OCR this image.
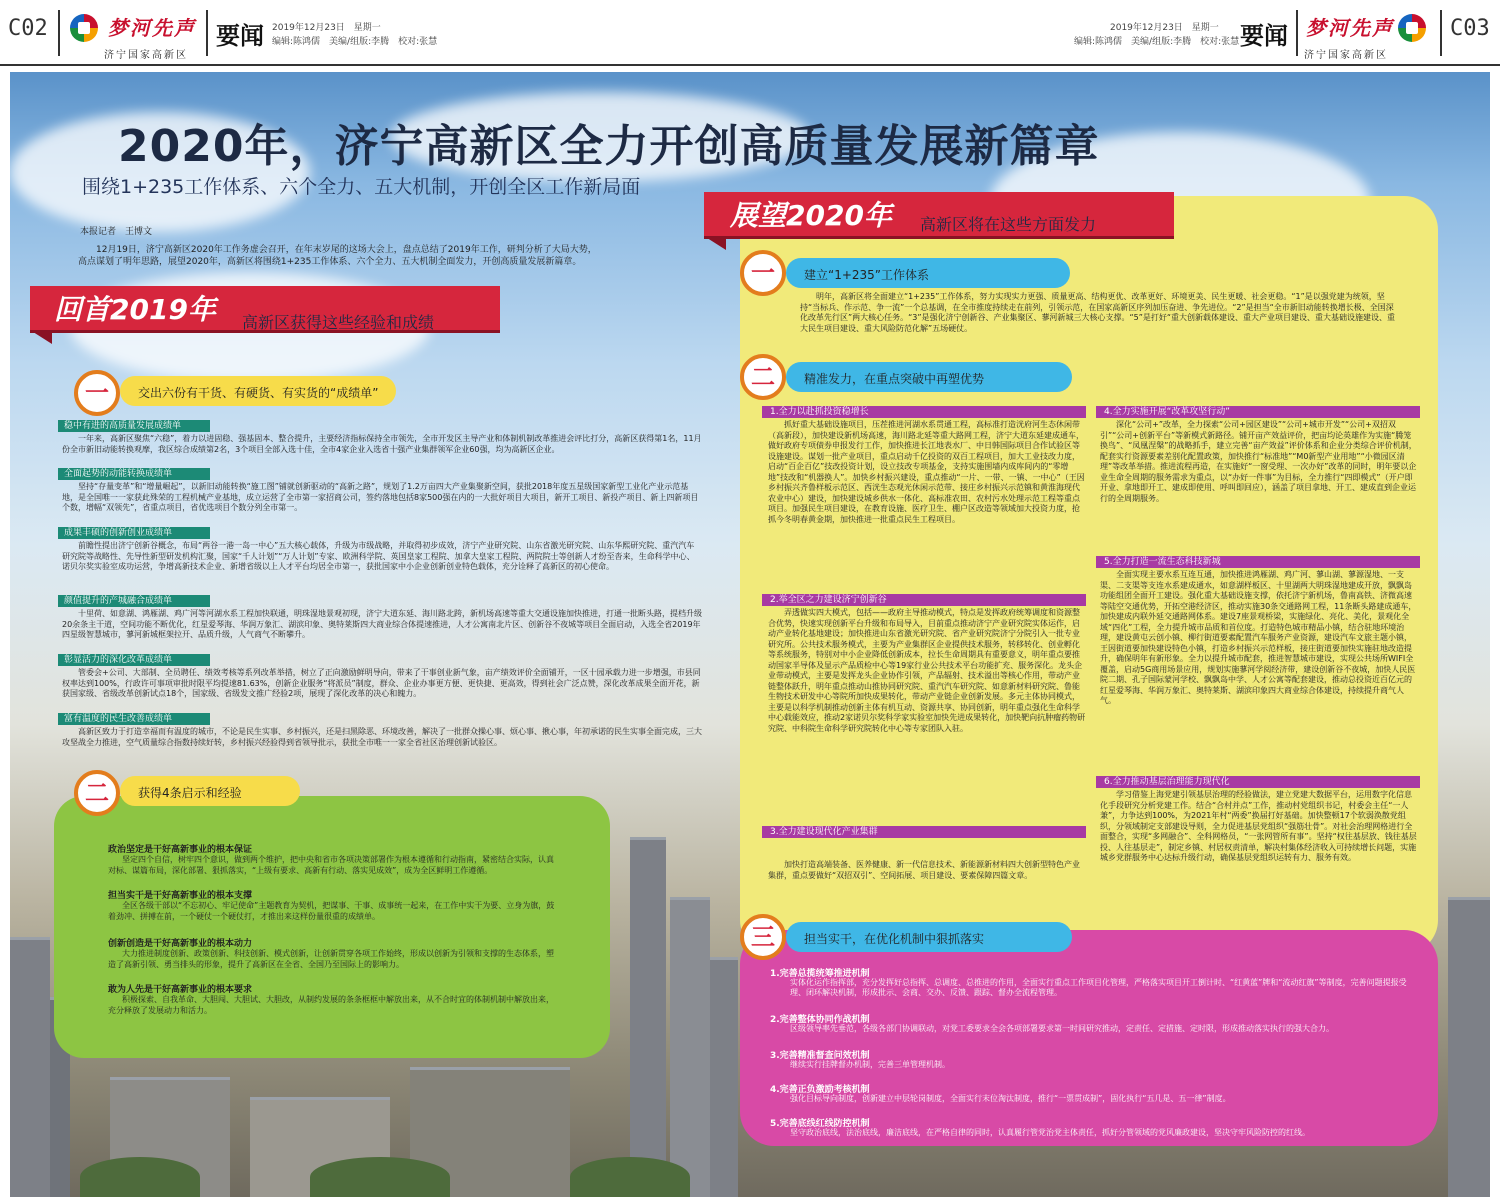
C02	梦河先声
济宁国家高新区
要闻 2019年12月23日　星期一
编辑:陈鸿儒　美编/组版:李腾　校对:张慧
2019年12月23日　星期一
编辑:陈鸿儒　美编/组版:李腾　校对:张慧 要闻 梦河先声
济宁国家高新区
C03
2020年，济宁高新区全力开创高质量发展新篇章
围绕1+235工作体系、六个全力、五大机制，开创全区工作新局面
本报记者　王博文
12月19日，济宁高新区2020年工作务虚会召开，在年末岁尾的这场大会上，盘点总结了2019年工作，研判分析了大局大势，高点谋划了明年思路，展望2020年，高新区将围绕1+235工作体系、六个全力、五大机制全面发力，开创高质量发展新篇章。
回首2019年 高新区获得这些经验和成绩
一	交出六份有干货、有硬货、有实货的“成绩单”
稳中有进的高质量发展成绩单
一年来，高新区聚焦“六稳”，着力以进固稳、强基固本、整合提升，主要经济指标保持全市领先，全市开发区主导产业和体制机制改革推进会评比打分，高新区获得第1名，11月份全市新旧动能转换观摩，我区综合成绩第2名，3个项目全部入选十佳，全市4家企业入选省十强产业集群领军企业60强，均为高新区企业。
全面起势的动能转换成绩单
坚持“存量变革”和“增量崛起”，以新旧动能转换“施工图”铺就创新驱动的“高新之路”，规划了1.2万亩四大产业集聚新空间，获批2018年度五星级国家新型工业化产业示范基地，是全国唯一一家获此殊荣的工程机械产业基地，成立运营了全市第一家招商公司，签约落地包括8家500强在内的一大批好项目大项目，新开工项目、新投产项目、新上四新项目个数，增幅“双领先”，省重点项目，省优选项目个数分列全市第一。
成果丰硕的创新创业成绩单
前瞻性提出济宁创新谷概念，布局“两谷一港一岛一中心”五大核心载体，升级为市级战略，并取得初步成效，济宁产业研究院、山东省激光研究院、山东华熙研究院、重汽汽车研究院等战略性、先导性新型研发机构汇聚，国家“千人计划”“万人计划”专家、欧洲科学院、英国皇家工程院、加拿大皇家工程院、两院院士等创新人才纷至沓来，生命科学中心、诺贝尔奖实验室成功运营，争增高新技术企业、新增省级以上人才平台均居全市第一，获批国家中小企业创新创业特色载体，充分诠释了高新区的初心使命。
颜值提升的产城融合成绩单
十里荷、如意湖、鸿雁湖、鸡广河等河湖水系工程加快联通，明珠湿地景观初现，济宁大道东延、海川路北跨，新机场高速等重大交通设施加快推进，打通一批断头路，提档升级20余条主干道，空间功能不断优化，红星爱琴海、华润万象汇、湖滨印象、奥特莱斯四大商业综合体提速推进，人才公寓南北片区、创新谷不夜城等项目全面启动，入选全省2019年四星级智慧城市，蓼河新城框架拉开、品质升级，人气商气不断攀升。
彰显活力的深化改革成绩单
管委会+公司、大部制、全员聘任、绩效考核等系列改革举措，树立了正向激励鲜明导向，带来了干事创业新气象，亩产绩效评价全面铺开，一区十园承载力进一步增强，市县同权率达到100%，行政许可事项审批时限平均提速81.63%，创新企业服务“将派员”制度，群众、企业办事更方便、更快捷、更高效，得到社会广泛点赞，深化改革成果全面开花，新获国家级、省级改革创新试点18个，国家级、省级发文推广经验2项，展现了深化改革的决心和魄力。
富有温度的民生改善成绩单
高新区致力于打造幸福而有温度的城市，不论是民生实事、乡村振兴，还是扫黑除恶、环境改善，解决了一批群众操心事、烦心事、揪心事，年初承诺的民生实事全面完成，三大攻坚战全力推进，空气质量综合指数持续好转，乡村振兴经验得到省领导批示，获批全市唯一一家全省社区治理创新试验区。
二	获得4条启示和经验
政治坚定是干好高新事业的根本保证
坚定四个自信，树牢四个意识，做到两个维护，把中央和省市各项决策部署作为根本遵循和行动指南，紧密结合实际，认真对标、谋篇布局，深化部署、狠抓落实，“上级有要求、高新有行动、落实见成效”，成为全区鲜明工作遵循。
担当实干是干好高新事业的根本支撑
全区各级干部以“不忘初心、牢记使命”主题教育为契机，把谋事、干事、成事统一起来，在工作中实干为要、立身为旗，鼓着劲冲、拼搏在前，一个硬仗一个硬仗打，才推出来这样份量很重的成绩单。
创新创造是干好高新事业的根本动力
大力推进制度创新、政策创新、科技创新、模式创新，让创新贯穿各项工作始终，形成以创新为引领和支撑的生态体系，塑造了高新引领、勇当排头的形象，提升了高新区在全省、全国乃至国际上的影响力。
敢为人先是干好高新事业的根本要求
积极探索、自我革命、大胆闯、大胆试、大胆改，从制约发展的条条框框中解放出来，从不合时宜的体制机制中解放出来，充分释放了发展动力和活力。
展望2020年 高新区将在这些方面发力
一	建立“1+235”工作体系
明年，高新区将全面建立“1+235”工作体系，努力实现实力更强、质量更高、结构更优、改革更好、环境更美、民生更暖、社会更稳。“1”是以强党建为统领，坚持“当标兵、作示范、争一流”一个总基调，在全市推度持续走在前列，引领示范，在国家高新区序列加压奋进、争先进位。“2”是担当“全市新旧动能转换增长极、全国深化改革先行区”两大核心任务。“3”是强化济宁创新谷、产业集聚区、蓼河新城三大核心支撑。“5”是打好“重大创新载体建设、重大产业项目建设、重大基础设施建设、重大民生项目建设、重大风险防范化解”五场硬仗。
二	精准发力，在重点突破中再塑优势
1.全力以赴抓投资稳增长
抓好重大基础设施项目，压茬推进河湖水系贯通工程，高标准打造洸府河生态休闲带（高新段），加快建设新机场高速，海川路北延等重大路网工程，济宁大道东延建成通车，做好政府专项债券申报发行工作，加快推进长江地表水厂、中日韩国际项目合作试验区等设施建设。谋划一批产业项目，重点启动千亿投资的双百工程项目，加大工业技改力度，启动“百企百亿”技改投资计划，设立技改专项基金，支持实施围墙内成库间内的“零增地”技改和“机器换人”。加快乡村振兴建设，重点推动“一片、一带、一镇、一中心”（王因乡村振兴齐鲁样板示范区、西洸生态观光休闲示范带、接庄乡村振兴示范镇和黄淮海现代农业中心）建设，加快建设城乡供水一体化、高标准农田、农村污水处理示范工程等重点项目。加强民生项目建设，在教育设施、医疗卫生、棚户区改造等领域加大投资力度，抢抓今冬明春黄金期，加快推进一批重点民生工程项目。
2.举全区之力建设济宁创新谷
弄透做实四大模式，包括——政府主导推动模式，特点是发挥政府统筹调度和资源整合优势，快速实现创新平台升级和布局导入，目前重点推动济宁产业研究院实体运作，启动产业转化基地建设；加快推进山东省激光研究院、省产业研究院济宁分院引入一批专业研究所。公共技术服务模式，主要为产业集群区企业提供技术服务，转移转化、创业孵化等系统服务，特别对中小企业降低创新成本，拉长生命周期具有重要意义，明年重点要推动国家半导体及显示产品质检中心等19家行业公共技术平台功能扩充、服务深化。龙头企业带动模式，主要是发挥龙头企业协作引领，产品辐射、技术溢出等核心作用，带动产业链整体跃升，明年重点推动山推协同研究院、重汽汽车研究院、如意新材料研究院、鲁能生物技术研发中心等院所加快成果转化，带动产业链企业创新发展。多元主体协同模式，主要是以科学机制推动创新主体有机互动、资源共享、协同创新，明年重点强化生命科学中心载能效应，推动2家诺贝尔奖科学家实验室加快先进成果转化，加快靶向抗肿瘤药物研究院、中科院生命科学研究院转化中心等专家团队入驻。
3.全力建设现代化产业集群
加快打造高端装备、医养健康、新一代信息技术、新能源新材料四大创新型特色产业集群，重点要做好“双招双引”、空间拓展、项目建设、要素保障四篇文章。
4.全力实施开展“改革攻坚行动”
深化“公司+”改革，全力探索“公司+园区建设”“公司+城市开发”“公司+双招双引”“公司+创新平台”等新模式新路径。铺开亩产效益评价，把亩均论英雄作为实施“腾笼换鸟”、“凤凰涅槃”的战略抓手，建立完善“亩产效益”评价体系和企业分类综合评价机制，配套实行资源要素差别化配置政策，加快推行“标准地”“M0新型产业用地”“小微园区清理”等改革举措。推进流程再造，在实施好“一窗受理、一次办好”改革的同时，明年要以企业生命全周期的服务需求为重点，以“办好一件事”为目标，全力推行“四即模式”（开户即开业、拿地即开工、建成即使用、呼叫即回应），涵盖了项目拿地、开工、建成直到企业运行的全周期服务。
5.全力打造一流生态科技新城
全面实现主要水系互连互通，加快推进鸿雁湖、鸡广河、蓼山湖、蓼源湿地、一支渠、二支渠等支连水系建成通水，如意湖样板区、十里湖两大明珠湿地建成开放，飘飘岛功能组团全面开工建设。强化重大基础设施支撑，依托济宁新机场，鲁南高铁、济微高速等陆空交通优势，开拓空港经济区，推动实施30条交通路网工程，11条断头路建成通车，加快建成内联外延交通路网体系。建设7座景观桥梁，实施绿化、亮化、美化，景观化全域“四化”工程，全力提升城市品质和首位度。打造特色城市精品小镇，结合驻地环境治理，建设黄屯云创小镇、柳行街道要素配置汽车服务产业资源，建设汽车文旅主题小镇，王因街道要加快建设特色小镇，打造乡村振兴示范样板，接庄街道要加快实施驻地改造提升，确保明年有新形象。全力以提升城市配套，推进智慧城市建设，实现公共场所WIFI全覆盖，启动5G商用场景应用，规划实施蓼河学阅经济带，建设创新谷不夜城，加快人民医院二期、孔子国际蒙河学校、飘飘岛中学、人才公寓等配套建设，推动总投资近百亿元的红星爱琴海、华润万象汇、奥特莱斯、湖滨印象四大商业综合体建设，持续提升商气人气。
6.全力推动基层治理能力现代化
学习借鉴上海党建引领基层治理的经验做法，建立党建大数据平台，运用数字化信息化手段研究分析党建工作。结合“合村并点”工作，推动村党组织书记，村委会主任“一人兼”，力争达到100%，为2021年村“两委”换届打好基础。加快整顿17个软弱涣散党组织，分领域制定支部建设导则，全力促进基层党组织“强筋壮骨”。对社会治理网格进行全面整合，实现“多网融合”、全科网格员，“一张网管所有事”。坚持“权往基层放、钱往基层投、人往基层走”，制定乡镇、村居权责清单，解决村集体经济收入可持续增长问题，实施城乡党群服务中心达标升级行动，确保基层党组织运转有力、服务有效。
三	担当实干，在优化机制中狠抓落实
1.完善总揽统筹推进机制
实体化运作指挥部，充分发挥好总指挥、总调度、总推进的作用，全面实行重点工作项目化管理，严格落实项目开工倒计时、“红黄蓝”牌和“流动红旗”等制度，完善问题提报受理、闭环解决机制，形成批示、会商、交办、反馈、跟踪、督办全流程管理。
2.完善整体协同作战机制
区级领导率先垂范，各级各部门协调联动，对党工委要求全会各项部署要求第一时间研究推动，定责任、定措施、定时限，形成推动落实执行的强大合力。
3.完善精准督查问效机制
继续实行挂牌督办机制，完善三单管理机制。
4.完善正负激励考核机制
强化目标导向制度，创新建立中层轮岗制度，全面实行末位淘汰制度，推行“一票贯成制”，固化执行“五几是、五一律”制度。
5.完善底线红线防控机制
坚守政治底线，法治底线，廉洁底线，在严格自律的同时，认真履行管党治党主体责任，抓好分管领域的党风廉政建设，坚决守牢风险防控的红线。
